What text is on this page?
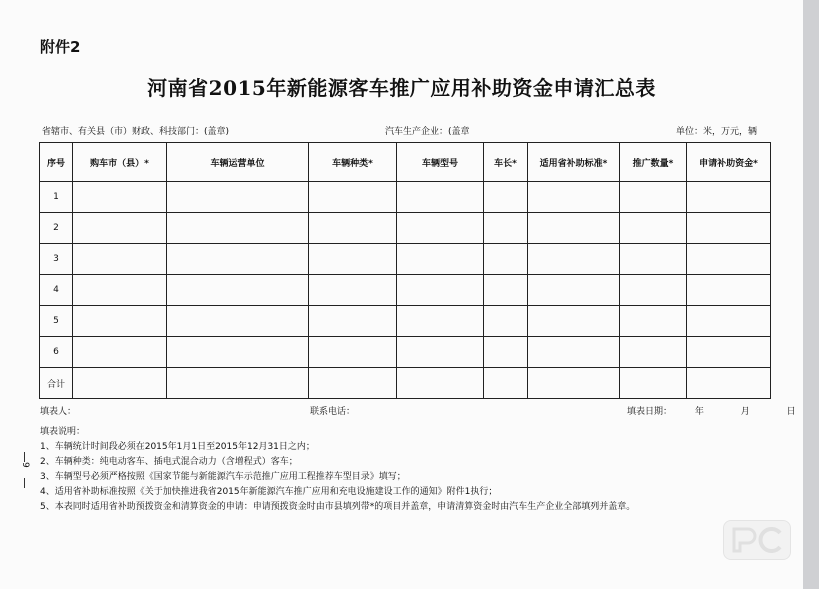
附件2
河南省2015年新能源客车推广应用补助资金申请汇总表
省辖市、有关县（市）财政、科技部门：(盖章)	汽车生产企业：(盖章	单位：米，万元，辆
序号	购车市（县）*	车辆运营单位	车辆种类*	车辆型号	车长*	适用省补助标准*	推广数量*	申请补助资金*
1								
2								
3								
4								
5								
6								
合计								
填表人：	联系电话：	填表日期：	年	月	日
填表说明：
1、车辆统计时间段必须在2015年1月1日至2015年12月31日之内；
2、车辆种类：纯电动客车、插电式混合动力（含增程式）客车；
3、车辆型号必须严格按照《国家节能与新能源汽车示范推广应用工程推荐车型目录》填写；
4、适用省补助标准按照《关于加快推进我省2015年新能源汽车推广应用和充电设施建设工作的通知》附件1执行；
5、本表同时适用省补助预拨资金和清算资金的申请：申请预拨资金时由市县填列带*的项目并盖章，申请清算资金时由汽车生产企业全部填列并盖章。
9
